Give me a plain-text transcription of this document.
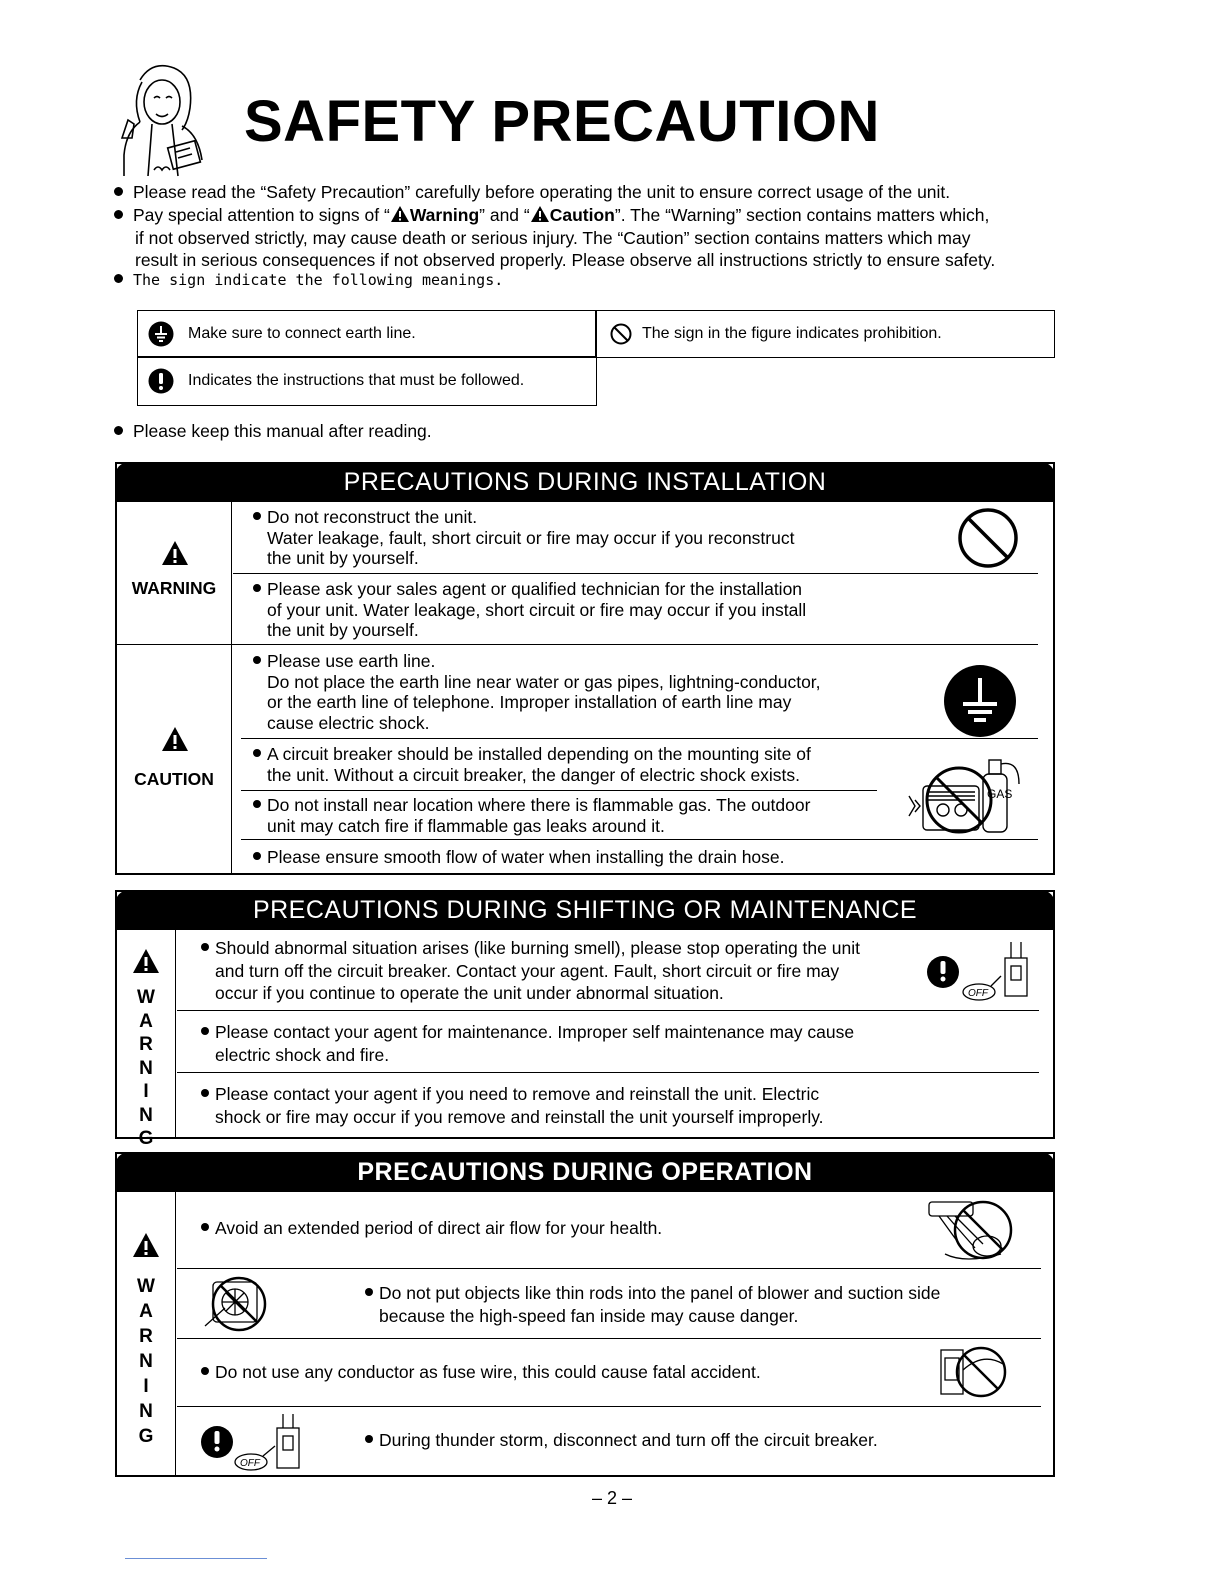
SAFETY PRECAUTION
Please read the “Safety Precaution” carefully before operating the unit to ensure correct usage of the unit.
Pay special attention to signs of “ Warning” and “ Caution”. The “Warning” section contains matters which,
if not observed strictly, may cause death or serious injury. The “Caution” section contains matters which may
result in serious consequences if not observed properly. Please observe all instructions strictly to ensure safety.
The sign indicate the following meanings.
Make sure to connect earth line.	The sign in the figure indicates prohibition.
Indicates the instructions that must be followed.
Please keep this manual after reading.
PRECAUTIONS DURING INSTALLATION
WARNING
CAUTION
Do not reconstruct the unit.
Water leakage, fault, short circuit or fire may occur if you reconstruct
the unit by yourself.
Please ask your sales agent or qualified technician for the installation
of your unit. Water leakage, short circuit or fire may occur if you install
the unit by yourself.
Please use earth line.
Do not place the earth line near water or gas pipes, lightning-conductor,
or the earth line of telephone. Improper installation of earth line may
cause electric shock.
A circuit breaker should be installed depending on the mounting site of
the unit. Without a circuit breaker, the danger of electric shock exists.
Do not install near location where there is flammable gas. The outdoor
unit may catch fire if flammable gas leaks around it.
Please ensure smooth flow of water when installing the drain hose.
GAS
PRECAUTIONS DURING SHIFTING OR MAINTENANCE
W
A
R
N
I
N
G
Should abnormal situation arises (like burning smell), please stop operating the unit
and turn off the circuit breaker. Contact your agent. Fault, short circuit or fire may
occur if you continue to operate the unit under abnormal situation.
Please contact your agent for maintenance. Improper self maintenance may cause
electric shock and fire.
Please contact your agent if you need to remove and reinstall the unit. Electric
shock or fire may occur if you remove and reinstall the unit yourself improperly.
OFF
PRECAUTIONS DURING OPERATION
W
A
R
N
I
N
G
Avoid an extended period of direct air flow for your health.
Do not put objects like thin rods into the panel of blower and suction side
because the high-speed fan inside may cause danger.
Do not use any conductor as fuse wire, this could cause fatal accident.
During thunder storm, disconnect and turn off the circuit breaker.
OFF
– 2 –
